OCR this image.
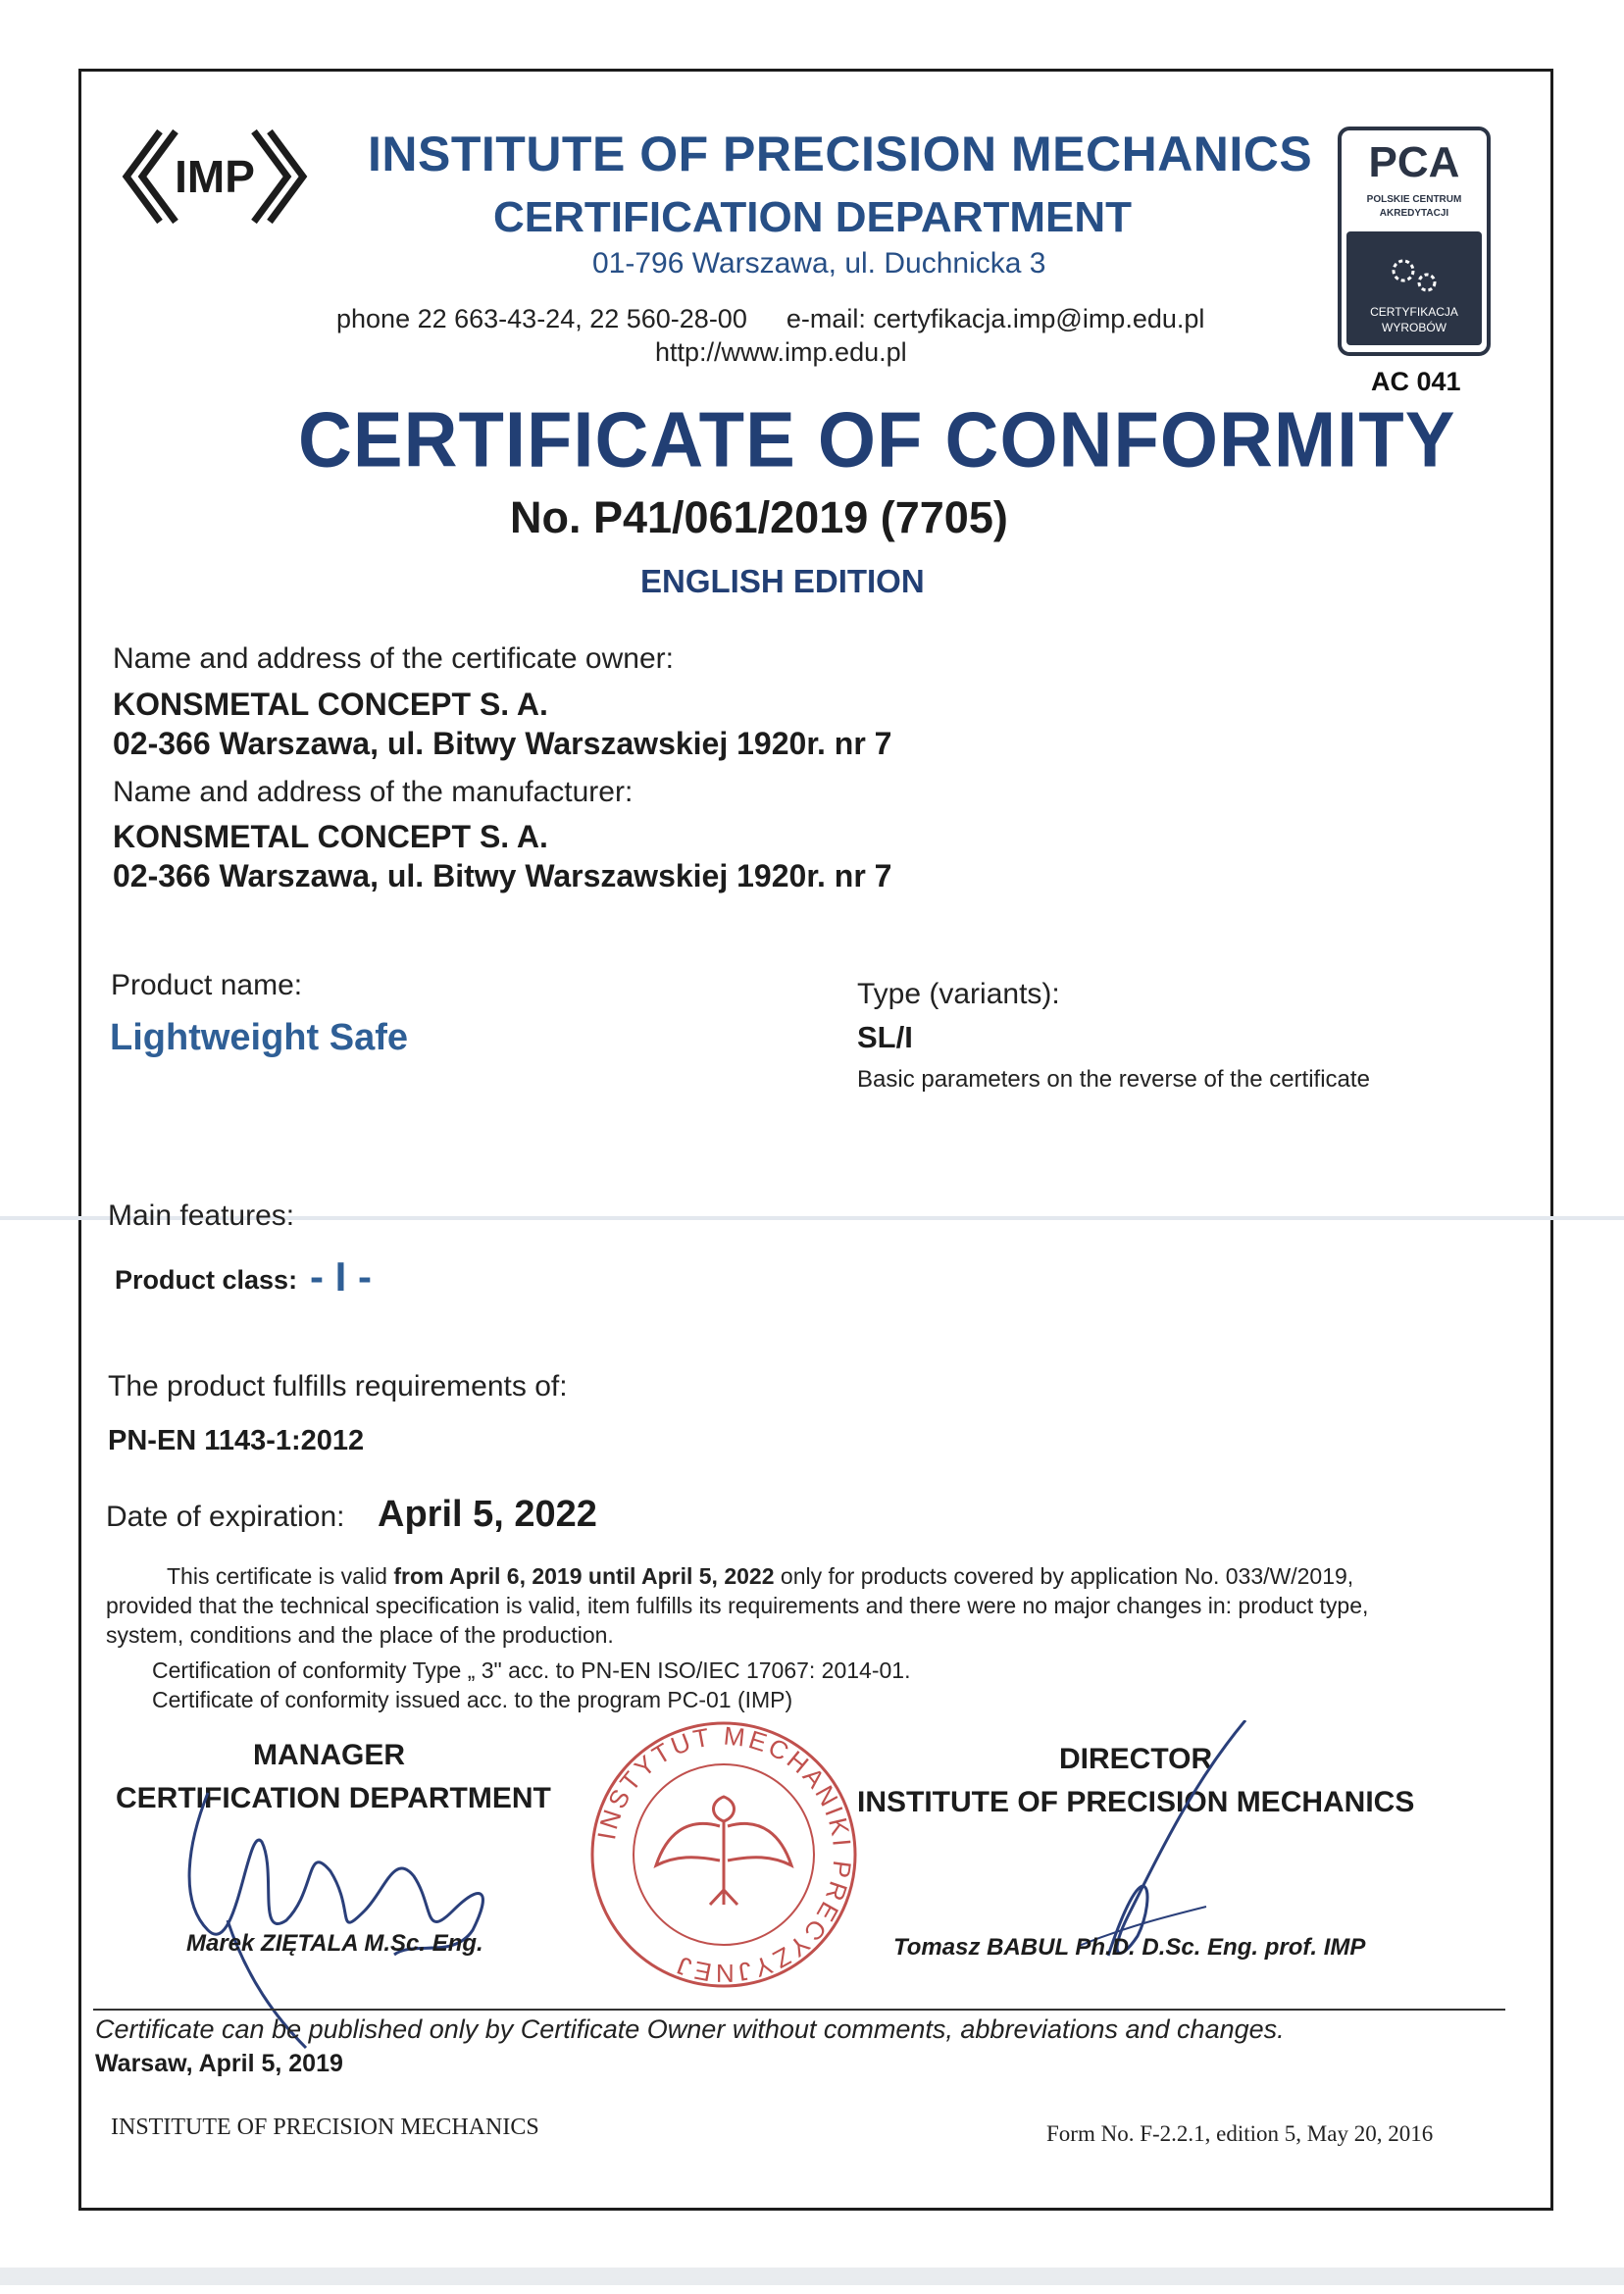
IMP INSTITUTE OF PRECISION MECHANICS
CERTIFICATION DEPARTMENT
01-796 Warszawa, ul. Duchnicka 3
phone 22 663-43-24, 22 560-28-00 e-mail: certyfikacja.imp@imp.edu.pl
http://www.imp.edu.pl
PCA
POLSKIE CENTRUM
AKREDYTACJI
CERTYFIKACJA
WYROBÓW
AC 041
CERTIFICATE OF CONFORMITY
No. P41/061/2019 (7705)
ENGLISH EDITION
Name and address of the certificate owner:
KONSMETAL CONCEPT S. A.
02-366 Warszawa, ul. Bitwy Warszawskiej 1920r. nr 7
Name and address of the manufacturer:
KONSMETAL CONCEPT S. A.
02-366 Warszawa, ul. Bitwy Warszawskiej 1920r. nr 7
Product name:
Lightweight Safe
Type (variants):
SL/I
Basic parameters on the reverse of the certificate
Main features:
Product class: - I -
The product fulfills requirements of:
PN-EN 1143-1:2012
Date of expiration: April 5, 2022
This certificate is valid from April 6, 2019 until April 5, 2022 only for products covered by application No. 033/W/2019,
provided that the technical specification is valid, item fulfills its requirements and there were no major changes in: product type,
system, conditions and the place of the production.
Certification of conformity Type „ 3" acc. to PN-EN ISO/IEC 17067: 2014-01.
Certificate of conformity issued acc. to the program PC-01 (IMP)
MANAGER
CERTIFICATION DEPARTMENT
DIRECTOR
INSTITUTE OF PRECISION MECHANICS
Marek ZIĘTALA M.Sc. Eng.	Tomasz BABUL Ph.D. D.Sc. Eng. prof. IMP
INSTYTUT MECHANIKI PRECYZYJNEJ
Certificate can be published only by Certificate Owner without comments, abbreviations and changes.
Warsaw, April 5, 2019
INSTITUTE OF PRECISION MECHANICS	Form No. F-2.2.1, edition 5, May 20, 2016
